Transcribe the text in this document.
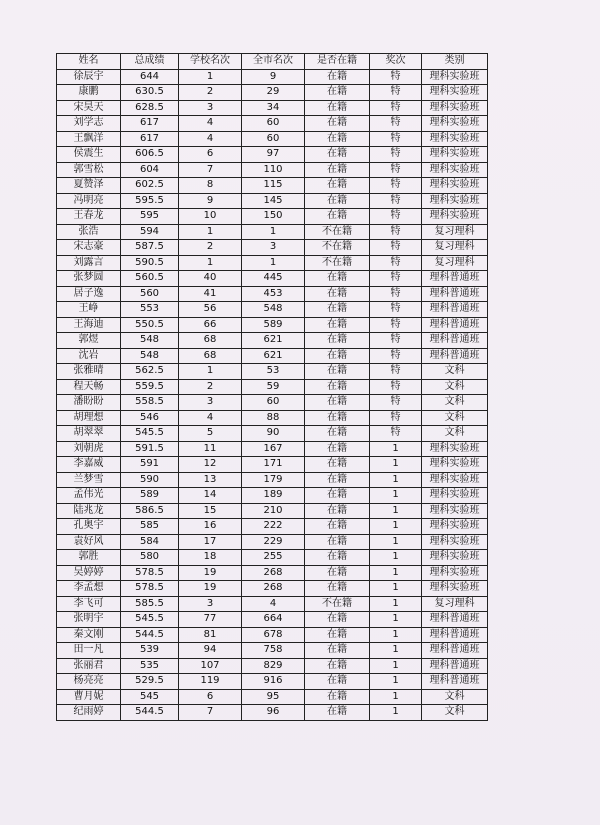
姓名	总成绩	学校名次	全市名次	是否在籍	奖次	类别
徐辰宇	644	1	9	在籍	特	理科实验班
康鹏	630.5	2	29	在籍	特	理科实验班
宋昊天	628.5	3	34	在籍	特	理科实验班
刘学志	617	4	60	在籍	特	理科实验班
王飘洋	617	4	60	在籍	特	理科实验班
侯震生	606.5	6	97	在籍	特	理科实验班
郭雪松	604	7	110	在籍	特	理科实验班
夏赞泽	602.5	8	115	在籍	特	理科实验班
冯明亮	595.5	9	145	在籍	特	理科实验班
王春龙	595	10	150	在籍	特	理科实验班
张浩	594	1	1	不在籍	特	复习理科
宋志豪	587.5	2	3	不在籍	特	复习理科
刘露言	590.5	1	1	不在籍	特	复习理科
张梦圆	560.5	40	445	在籍	特	理科普通班
居子逸	560	41	453	在籍	特	理科普通班
王峥	553	56	548	在籍	特	理科普通班
王海迪	550.5	66	589	在籍	特	理科普通班
郭煜	548	68	621	在籍	特	理科普通班
沈岩	548	68	621	在籍	特	理科普通班
张雅晴	562.5	1	53	在籍	特	文科
程天畅	559.5	2	59	在籍	特	文科
潘盼盼	558.5	3	60	在籍	特	文科
胡理想	546	4	88	在籍	特	文科
胡翠翠	545.5	5	90	在籍	特	文科
刘朝虎	591.5	11	167	在籍	1	理科实验班
李嘉威	591	12	171	在籍	1	理科实验班
兰梦雪	590	13	179	在籍	1	理科实验班
孟伟光	589	14	189	在籍	1	理科实验班
陆兆龙	586.5	15	210	在籍	1	理科实验班
孔奥宇	585	16	222	在籍	1	理科实验班
袁好风	584	17	229	在籍	1	理科实验班
郭胜	580	18	255	在籍	1	理科实验班
吴婷婷	578.5	19	268	在籍	1	理科实验班
李孟想	578.5	19	268	在籍	1	理科实验班
李飞可	585.5	3	4	不在籍	1	复习理科
张明宇	545.5	77	664	在籍	1	理科普通班
秦文刚	544.5	81	678	在籍	1	理科普通班
田一凡	539	94	758	在籍	1	理科普通班
张丽君	535	107	829	在籍	1	理科普通班
杨亮亮	529.5	119	916	在籍	1	理科普通班
曹月妮	545	6	95	在籍	1	文科
纪雨婷	544.5	7	96	在籍	1	文科
